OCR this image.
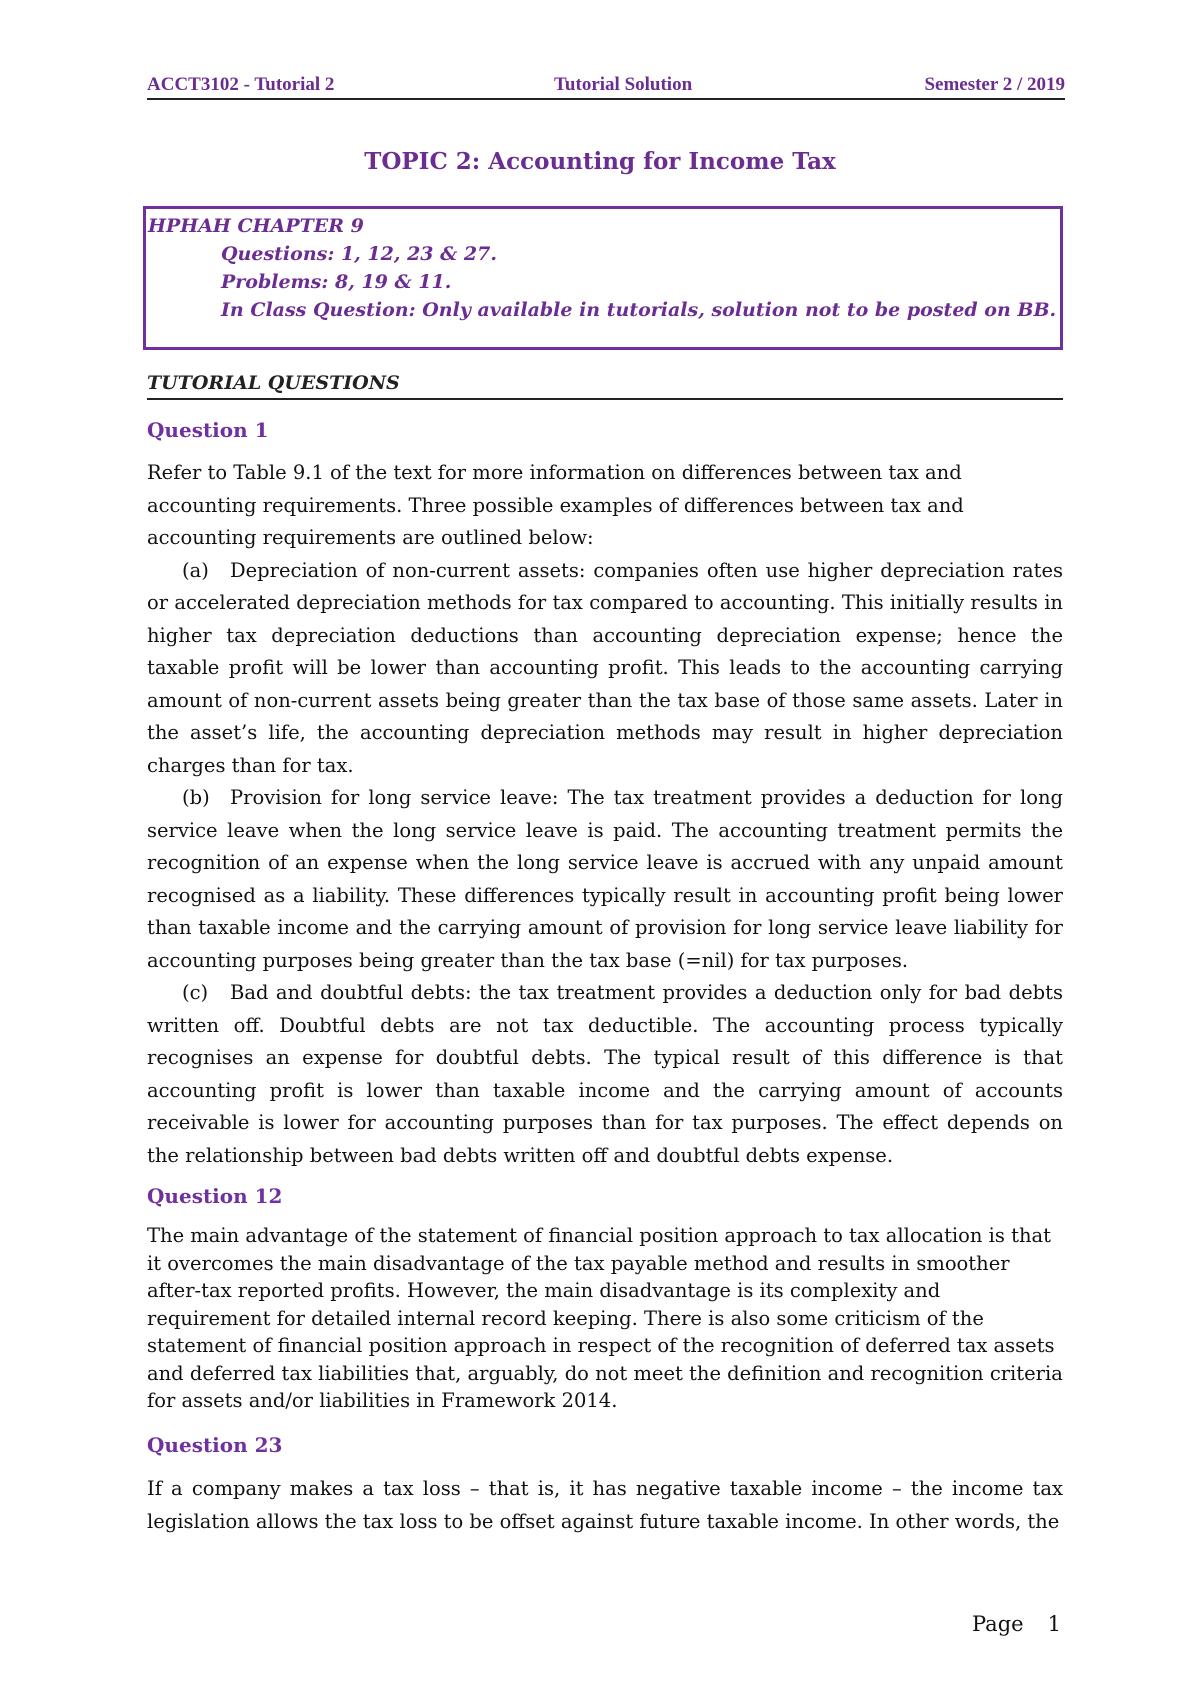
ACCT3102 - Tutorial 2	Tutorial Solution	Semester 2 / 2019
TOPIC 2: Accounting for Income Tax
HPHAH CHAPTER 9
Questions: 1, 12, 23 & 27.
Problems: 8, 19 & 11.
In Class Question: Only available in tutorials, solution not to be posted on BB.
TUTORIAL QUESTIONS
Question 1

Refer to Table 9.1 of the text for more information on differences between tax and accounting requirements. Three possible examples of differences between tax and accounting requirements are outlined below:

(a) Depreciation of non-current assets: companies often use higher depreciation rates or accelerated depreciation methods for tax compared to accounting. This initially results in higher tax depreciation deductions than accounting depreciation expense; hence the taxable profit will be lower than accounting profit. This leads to the accounting carrying amount of non-current assets being greater than the tax base of those same assets. Later in the asset’s life, the accounting depreciation methods may result in higher depreciation charges than for tax.

(b) Provision for long service leave: The tax treatment provides a deduction for long service leave when the long service leave is paid. The accounting treatment permits the recognition of an expense when the long service leave is accrued with any unpaid amount recognised as a liability. These differences typically result in accounting profit being lower than taxable income and the carrying amount of provision for long service leave liability for accounting purposes being greater than the tax base (=nil) for tax purposes.

(c) Bad and doubtful debts: the tax treatment provides a deduction only for bad debts written off. Doubtful debts are not tax deductible. The accounting process typically recognises an expense for doubtful debts. The typical result of this difference is that accounting profit is lower than taxable income and the carrying amount of accounts receivable is lower for accounting purposes than for tax purposes. The effect depends on the relationship between bad debts written off and doubtful debts expense.

Question 12

The main advantage of the statement of financial position approach to tax allocation is that it overcomes the main disadvantage of the tax payable method and results in smoother after-tax reported profits. However, the main disadvantage is its complexity and requirement for detailed internal record keeping. There is also some criticism of the statement of financial position approach in respect of the recognition of deferred tax assets and deferred tax liabilities that, arguably, do not meet the definition and recognition criteria for assets and/or liabilities in Framework 2014.

Question 23

If a company makes a tax loss – that is, it has negative taxable income – the income tax legislation allows the tax loss to be offset against future taxable income. In other words, the

Page 1
